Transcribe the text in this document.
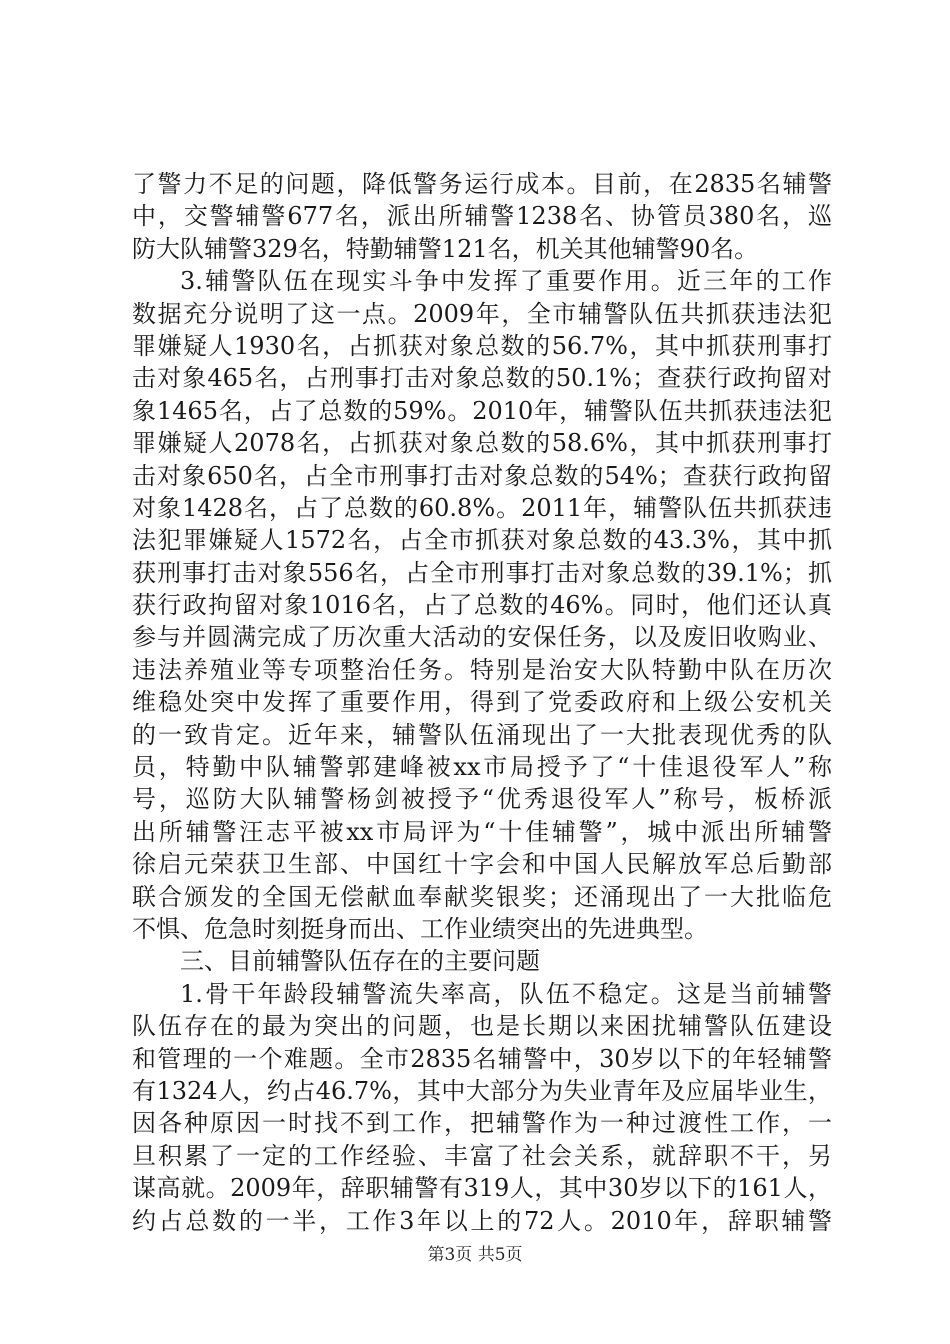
了警力不足的问题，降低警务运行成本。目前，在2835名辅警
中，交警辅警677名，派出所辅警1238名、协管员380名，巡
防大队辅警329名，特勤辅警121名，机关其他辅警90名。
3.辅警队伍在现实斗争中发挥了重要作用。近三年的工作
数据充分说明了这一点。2009年，全市辅警队伍共抓获违法犯
罪嫌疑人1930名，占抓获对象总数的56.7%，其中抓获刑事打
击对象465名，占刑事打击对象总数的50.1%；查获行政拘留对
象1465名，占了总数的59%。2010年，辅警队伍共抓获违法犯
罪嫌疑人2078名，占抓获对象总数的58.6%，其中抓获刑事打
击对象650名，占全市刑事打击对象总数的54%；查获行政拘留
对象1428名，占了总数的60.8%。2011年，辅警队伍共抓获违
法犯罪嫌疑人1572名，占全市抓获对象总数的43.3%，其中抓
获刑事打击对象556名，占全市刑事打击对象总数的39.1%；抓
获行政拘留对象1016名，占了总数的46%。同时，他们还认真
参与并圆满完成了历次重大活动的安保任务，以及废旧收购业、
违法养殖业等专项整治任务。特别是治安大队特勤中队在历次
维稳处突中发挥了重要作用，得到了党委政府和上级公安机关
的一致肯定。近年来，辅警队伍涌现出了一大批表现优秀的队
员，特勤中队辅警郭建峰被xx市局授予了“十佳退役军人”称
号，巡防大队辅警杨剑被授予“优秀退役军人”称号，板桥派
出所辅警汪志平被xx市局评为“十佳辅警”，城中派出所辅警
徐启元荣获卫生部、中国红十字会和中国人民解放军总后勤部
联合颁发的全国无偿献血奉献奖银奖；还涌现出了一大批临危
不惧、危急时刻挺身而出、工作业绩突出的先进典型。
三、目前辅警队伍存在的主要问题
1.骨干年龄段辅警流失率高，队伍不稳定。这是当前辅警
队伍存在的最为突出的问题，也是长期以来困扰辅警队伍建设
和管理的一个难题。全市2835名辅警中，30岁以下的年轻辅警
有1324人，约占46.7%，其中大部分为失业青年及应届毕业生，
因各种原因一时找不到工作，把辅警作为一种过渡性工作，一
旦积累了一定的工作经验、丰富了社会关系，就辞职不干，另
谋高就。2009年，辞职辅警有319人，其中30岁以下的161人，
约占总数的一半，工作3年以上的72人。2010年，辞职辅警
第3页 共5页
